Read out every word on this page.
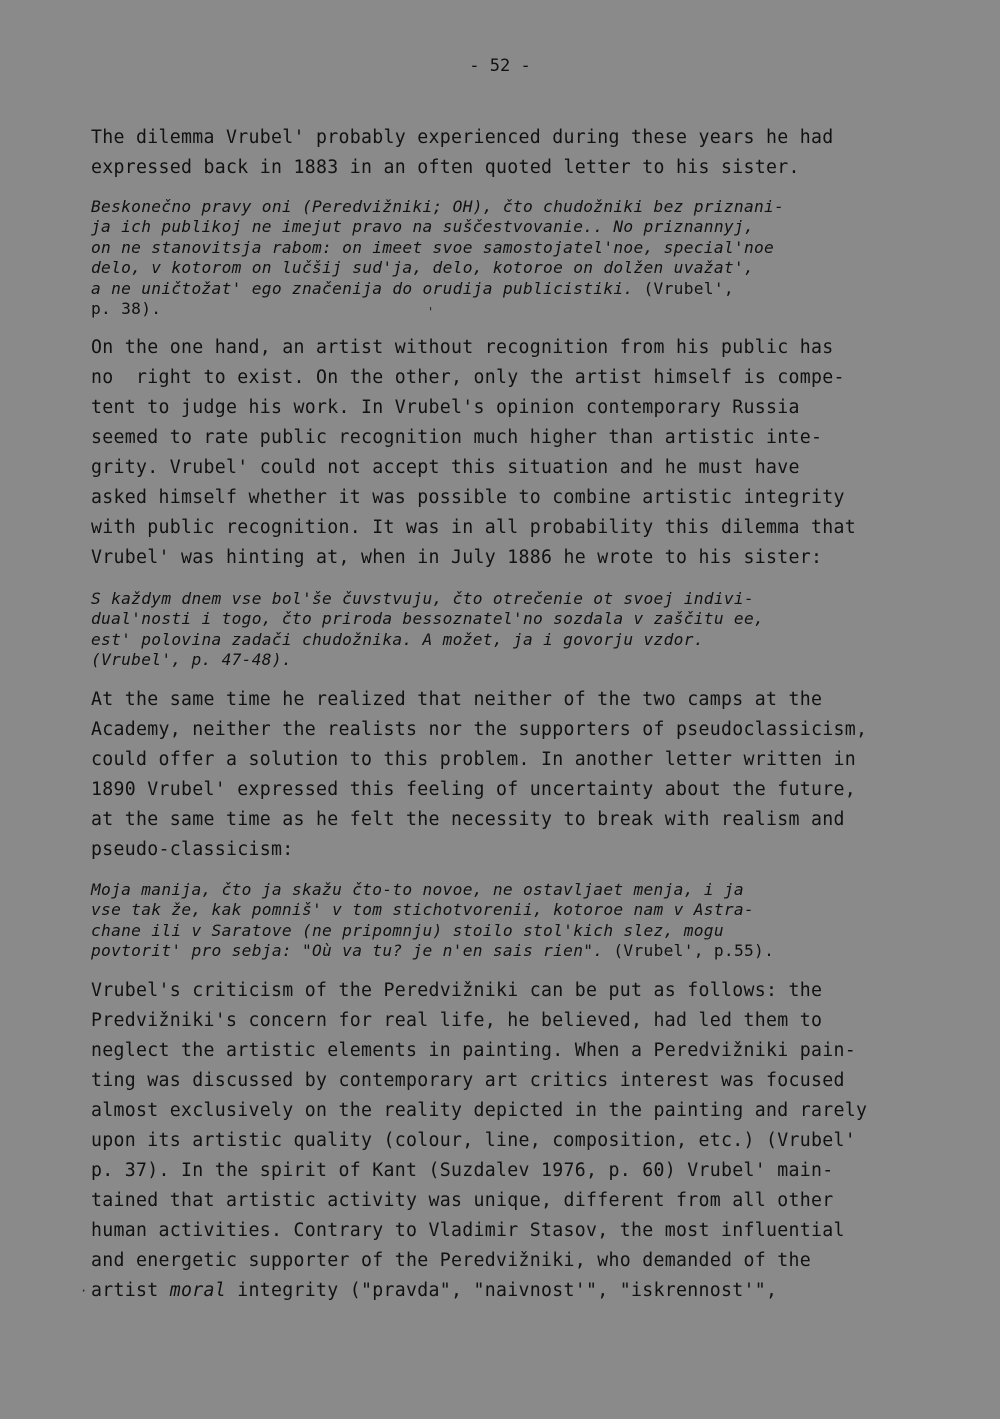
- 52 -
The dilemma Vrubel' probably experienced during these years he had
expressed back in 1883 in an often quoted letter to his sister.
Beskonečno pravy oni (Peredvižniki; OH), čto chudožniki bez priznani-
ja ich publikoj ne imejut pravo na suščestvovanie.. No priznannyj,
on ne stanovitsja rabom: on imeet svoe samostojatel'noe, special'noe
delo, v kotorom on lučšij sud'ja, delo, kotoroe on dolžen uvažat',
a ne uničtožat' ego značenija do orudija publicistiki. (Vrubel',
p. 38).
On the one hand, an artist without recognition from his public has
no  right to exist. On the other, only the artist himself is compe-
tent to judge his work. In Vrubel's opinion contemporary Russia
seemed to rate public recognition much higher than artistic inte-
grity. Vrubel' could not accept this situation and he must have
asked himself whether it was possible to combine artistic integrity
with public recognition. It was in all probability this dilemma that
Vrubel' was hinting at, when in July 1886 he wrote to his sister:
S každym dnem vse bol'še čuvstvuju, čto otrečenie ot svoej indivi-
dual'nosti i togo, čto priroda bessoznatel'no sozdala v zaščitu ee,
est' polovina zadači chudožnika. A možet, ja i govorju vzdor.
(Vrubel', p. 47-48).
At the same time he realized that neither of the two camps at the
Academy, neither the realists nor the supporters of pseudoclassicism,
could offer a solution to this problem. In another letter written in
1890 Vrubel' expressed this feeling of uncertainty about the future,
at the same time as he felt the necessity to break with realism and
pseudo-classicism:
Moja manija, čto ja skažu čto-to novoe, ne ostavljaet menja, i ja
vse tak že, kak pomniš' v tom stichotvorenii, kotoroe nam v Astra-
chane ili v Saratove (ne pripomnju) stoilo stol'kich slez, mogu
povtorit' pro sebja: "Où va tu? je n'en sais rien". (Vrubel', p.55).
Vrubel's criticism of the Peredvižniki can be put as follows: the
Predvižniki's concern for real life, he believed, had led them to
neglect the artistic elements in painting. When a Peredvižniki pain-
ting was discussed by contemporary art critics interest was focused
almost exclusively on the reality depicted in the painting and rarely
upon its artistic quality (colour, line, composition, etc.) (Vrubel'
p. 37). In the spirit of Kant (Suzdalev 1976, p. 60) Vrubel' main-
tained that artistic activity was unique, different from all other
human activities. Contrary to Vladimir Stasov, the most influential
and energetic supporter of the Peredvižniki, who demanded of the
artist moral integrity ("pravda", "naivnost'", "iskrennost'",
'
·
